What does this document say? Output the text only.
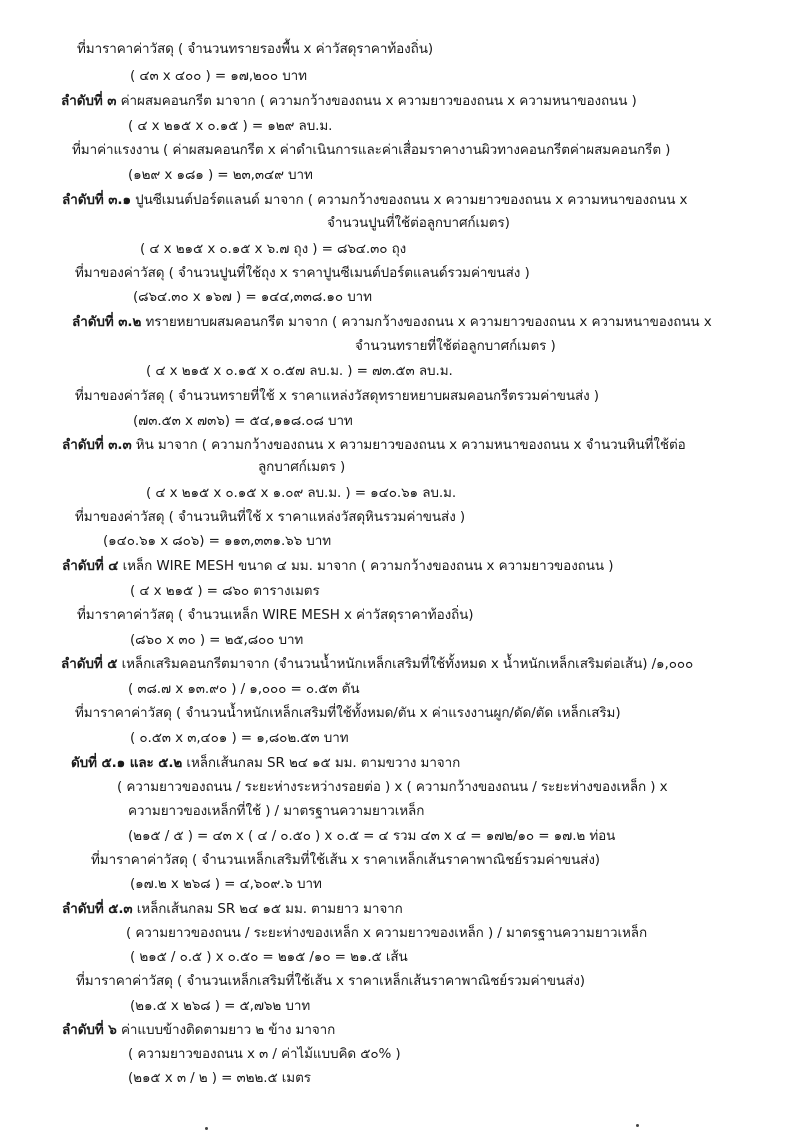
ที่มาราคาค่าวัสดุ ( จำนวนทรายรองพื้น x ค่าวัสดุราคาท้องถิ่น)
( ๔๓ x ๔๐๐ ) = ๑๗,๒๐๐ บาท
ลำดับที่ ๓ ค่าผสมคอนกรีต มาจาก ( ความกว้างของถนน x ความยาวของถนน x ความหนาของถนน )
( ๔ x ๒๑๕ x ๐.๑๕ ) = ๑๒๙ ลบ.ม.
ที่มาค่าแรงงาน ( ค่าผสมคอนกรีต x ค่าดำเนินการและค่าเสื่อมราคางานผิวทางคอนกรีตค่าผสมคอนกรีต )
(๑๒๙ x ๑๘๑ ) = ๒๓,๓๔๙ บาท
ลำดับที่ ๓.๑ ปูนซีเมนต์ปอร์ตแลนด์ มาจาก ( ความกว้างของถนน x ความยาวของถนน x ความหนาของถนน x
จำนวนปูนที่ใช้ต่อลูกบาศก์เมตร)
( ๔ x ๒๑๕ x ๐.๑๕ x ๖.๗ ถุง ) = ๘๖๔.๓๐ ถุง
ที่มาของค่าวัสดุ ( จำนวนปูนที่ใช้ถุง x ราคาปูนซีเมนต์ปอร์ตแลนด์รวมค่าขนส่ง )
(๘๖๔.๓๐ x ๑๖๗ ) = ๑๔๔,๓๓๘.๑๐ บาท
ลำดับที่ ๓.๒ ทรายหยาบผสมคอนกรีต มาจาก ( ความกว้างของถนน x ความยาวของถนน x ความหนาของถนน x
จำนวนทรายที่ใช้ต่อลูกบาศก์เมตร )
( ๔ x ๒๑๕ x ๐.๑๕ x ๐.๕๗ ลบ.ม. ) = ๗๓.๕๓ ลบ.ม.
ที่มาของค่าวัสดุ ( จำนวนทรายที่ใช้ x ราคาแหล่งวัสดุทรายหยาบผสมคอนกรีตรวมค่าขนส่ง )
(๗๓.๕๓ x ๗๓๖) = ๕๔,๑๑๘.๐๘ บาท
ลำดับที่ ๓.๓ หิน มาจาก ( ความกว้างของถนน x ความยาวของถนน x ความหนาของถนน x จำนวนหินที่ใช้ต่อ
ลูกบาศก์เมตร )
( ๔ x ๒๑๕ x ๐.๑๕ x ๑.๐๙ ลบ.ม. ) = ๑๔๐.๖๑ ลบ.ม.
ที่มาของค่าวัสดุ ( จำนวนหินที่ใช้ x ราคาแหล่งวัสดุหินรวมค่าขนส่ง )
(๑๔๐.๖๑ x ๘๐๖) = ๑๑๓,๓๓๑.๖๖ บาท
ลำดับที่ ๔ เหล็ก WIRE MESH ขนาด ๔ มม. มาจาก ( ความกว้างของถนน x ความยาวของถนน )
( ๔ x ๒๑๕ ) = ๘๖๐ ตารางเมตร
ที่มาราคาค่าวัสดุ ( จำนวนเหล็ก WIRE MESH x ค่าวัสดุราคาท้องถิ่น)
(๘๖๐ x ๓๐ ) = ๒๕,๘๐๐ บาท
ลำดับที่ ๕ เหล็กเสริมคอนกรีตมาจาก (จำนวนน้ำหนักเหล็กเสริมที่ใช้ทั้งหมด x น้ำหนักเหล็กเสริมต่อเส้น) /๑,๐๐๐
( ๓๘.๗ x ๑๓.๙๐ ) / ๑,๐๐๐ = ๐.๕๓ ตัน
ที่มาราคาค่าวัสดุ ( จำนวนน้ำหนักเหล็กเสริมที่ใช้ทั้งหมด/ตัน x ค่าแรงงานผูก/ดัด/ตัด เหล็กเสริม)
( ๐.๕๓ x ๓,๔๐๑ ) = ๑,๘๐๒.๕๓ บาท
ดับที่ ๕.๑ และ ๕.๒ เหล็กเส้นกลม SR ๒๔ ๑๕ มม. ตามขวาง มาจาก
( ความยาวของถนน / ระยะห่างระหว่างรอยต่อ ) x ( ความกว้างของถนน / ระยะห่างของเหล็ก ) x
ความยาวของเหล็กที่ใช้ ) / มาตรฐานความยาวเหล็ก
(๒๑๕ / ๕ ) = ๔๓ x ( ๔ / ๐.๕๐ ) x ๐.๕ = ๔ รวม ๔๓ x ๔ = ๑๗๒/๑๐ = ๑๗.๒ ท่อน
ที่มาราคาค่าวัสดุ ( จำนวนเหล็กเสริมที่ใช้เส้น x ราคาเหล็กเส้นราคาพาณิชย์รวมค่าขนส่ง)
(๑๗.๒ x ๒๖๘ ) = ๔,๖๐๙.๖ บาท
ลำดับที่ ๕.๓ เหล็กเส้นกลม SR ๒๔ ๑๕ มม. ตามยาว มาจาก
( ความยาวของถนน / ระยะห่างของเหล็ก x ความยาวของเหล็ก ) / มาตรฐานความยาวเหล็ก
( ๒๑๕ / ๐.๕ ) x ๐.๕๐ = ๒๑๕ /๑๐ = ๒๑.๕ เส้น
ที่มาราคาค่าวัสดุ ( จำนวนเหล็กเสริมที่ใช้เส้น x ราคาเหล็กเส้นราคาพาณิชย์รวมค่าขนส่ง)
(๒๑.๕ x ๒๖๘ ) = ๕,๗๖๒ บาท
ลำดับที่ ๖ ค่าแบบข้างติดตามยาว ๒ ข้าง มาจาก
( ความยาวของถนน x ๓ / ค่าไม้แบบคิด ๕๐% )
(๒๑๕ x ๓ / ๒ ) = ๓๒๒.๕ เมตร
